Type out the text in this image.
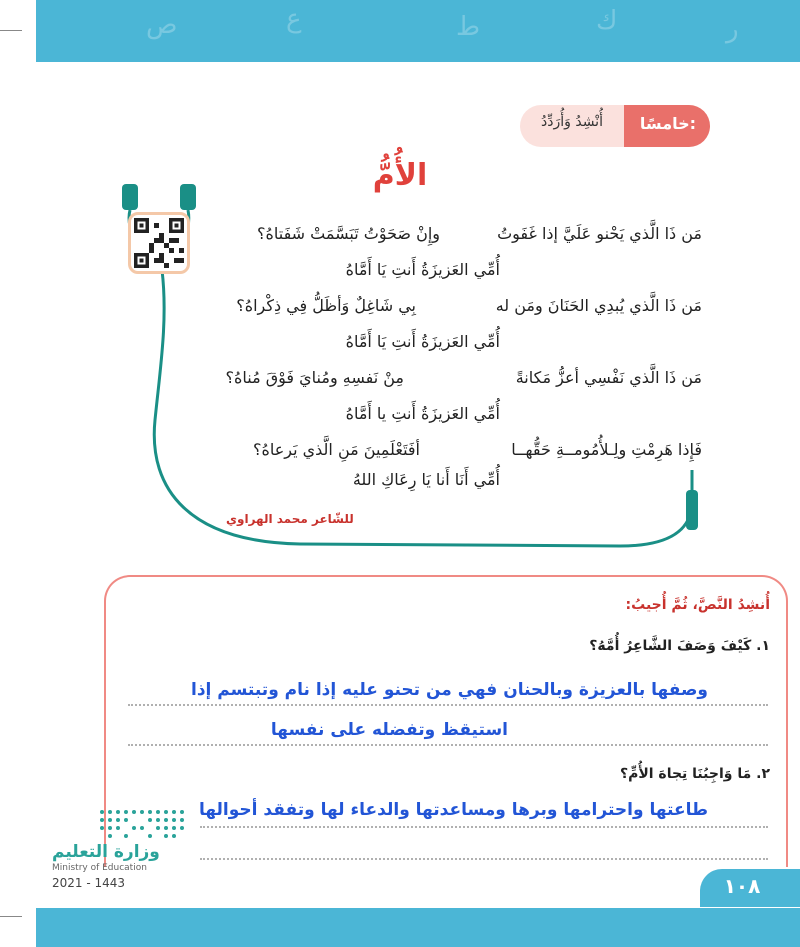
ص	ع	ط	ك	ر
خامسًا:
أُنْشِدُ وَأُرَدِّدُ
الأُمُّ
مَن ذَا الَّذي يَحْنو عَلَيَّ إذا غَفَوتُ
وإِنْ صَحَوْتُ تَبَسَّمَتْ شَفَتاهُ؟
أُمِّي العَزيزَةُ أَنتِ يَا أَمَّاهُ
مَن ذَا الَّذي يُبدِي الحَنَانَ ومَن له
بِي شَاغِلٌ وَأظَلُّ فِي ذِكْراهُ؟
أُمِّي العَزيزَةُ أَنتِ يَا أَمَّاهُ
مَن ذَا الَّذي نَفْسِي أعزُّ مَكانةً
مِنْ نَفسِهِ ومُنايَ فَوْقَ مُناهُ؟
أُمِّي العَزيزَةُ أَنتِ يا أَمَّاهُ
فَإِذا هَرِمْتِ ولِـلأُمُومــةِ حَقُّهــا
أفَتَعْلَمِينَ مَنِ الَّذي يَرعاهُ؟
أُمِّي أَنَا أَنا يَا رِعَاكِ اللهُ
للشّاعر محمد الهراوي
أُنشِدُ النَّصَّ، ثُمَّ أُجيبُ:
١. كَيْفَ وَصَفَ الشَّاعِرُ أُمَّهُ؟
وصفها بالعزيزة وبالحنان فهي من تحنو عليه إذا نام وتبتسم إذا
استيقظ وتفضله على نفسها
٢. مَا وَاجِبُنَا تِجاهَ الأُمِّ؟
طاعتها واحترامها وبرها ومساعدتها والدعاء لها وتفقد أحوالها
وزارة التعليم
Ministry of Education
2021 - 1443	١٠٨
